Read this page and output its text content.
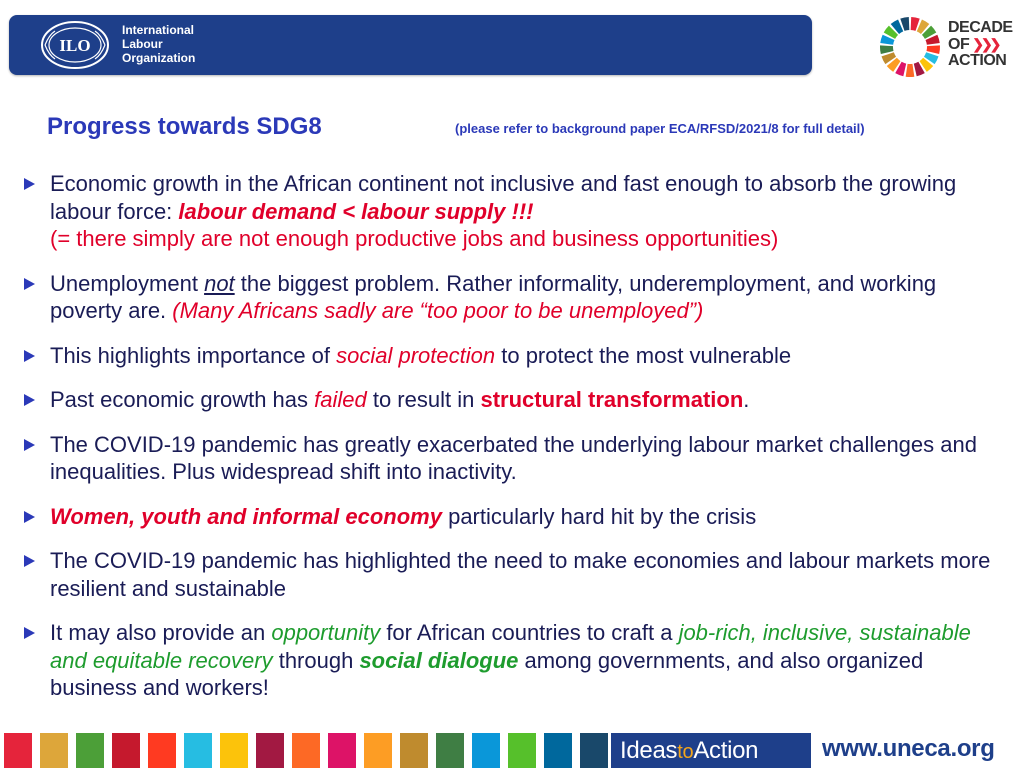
ILO
International
Labour
Organization
DECADE
OF ❯❯❯
ACTION
Progress towards SDG8	(please refer to background paper ECA/RFSD/2021/8 for full detail)
Economic growth in the African continent not inclusive and fast enough to absorb the growing labour force: labour demand < labour supply !!!
(= there simply are not enough productive jobs and business opportunities)
Unemployment not the biggest problem. Rather informality, underemployment, and working poverty are. (Many Africans sadly are “too poor to be unemployed”)
This highlights importance of social protection to protect the most vulnerable
Past economic growth has failed to result in structural transformation.
The COVID-19 pandemic has greatly exacerbated the underlying labour market challenges and inequalities. Plus widespread shift into inactivity.
Women, youth and informal economy particularly hard hit by the crisis
The COVID-19 pandemic has highlighted the need to make economies and labour markets more resilient and sustainable
It may also provide an opportunity for African countries to craft a job-rich, inclusive, sustainable and equitable recovery through social dialogue among governments, and also organized business and workers!
IdeastoAction	www.uneca.org
